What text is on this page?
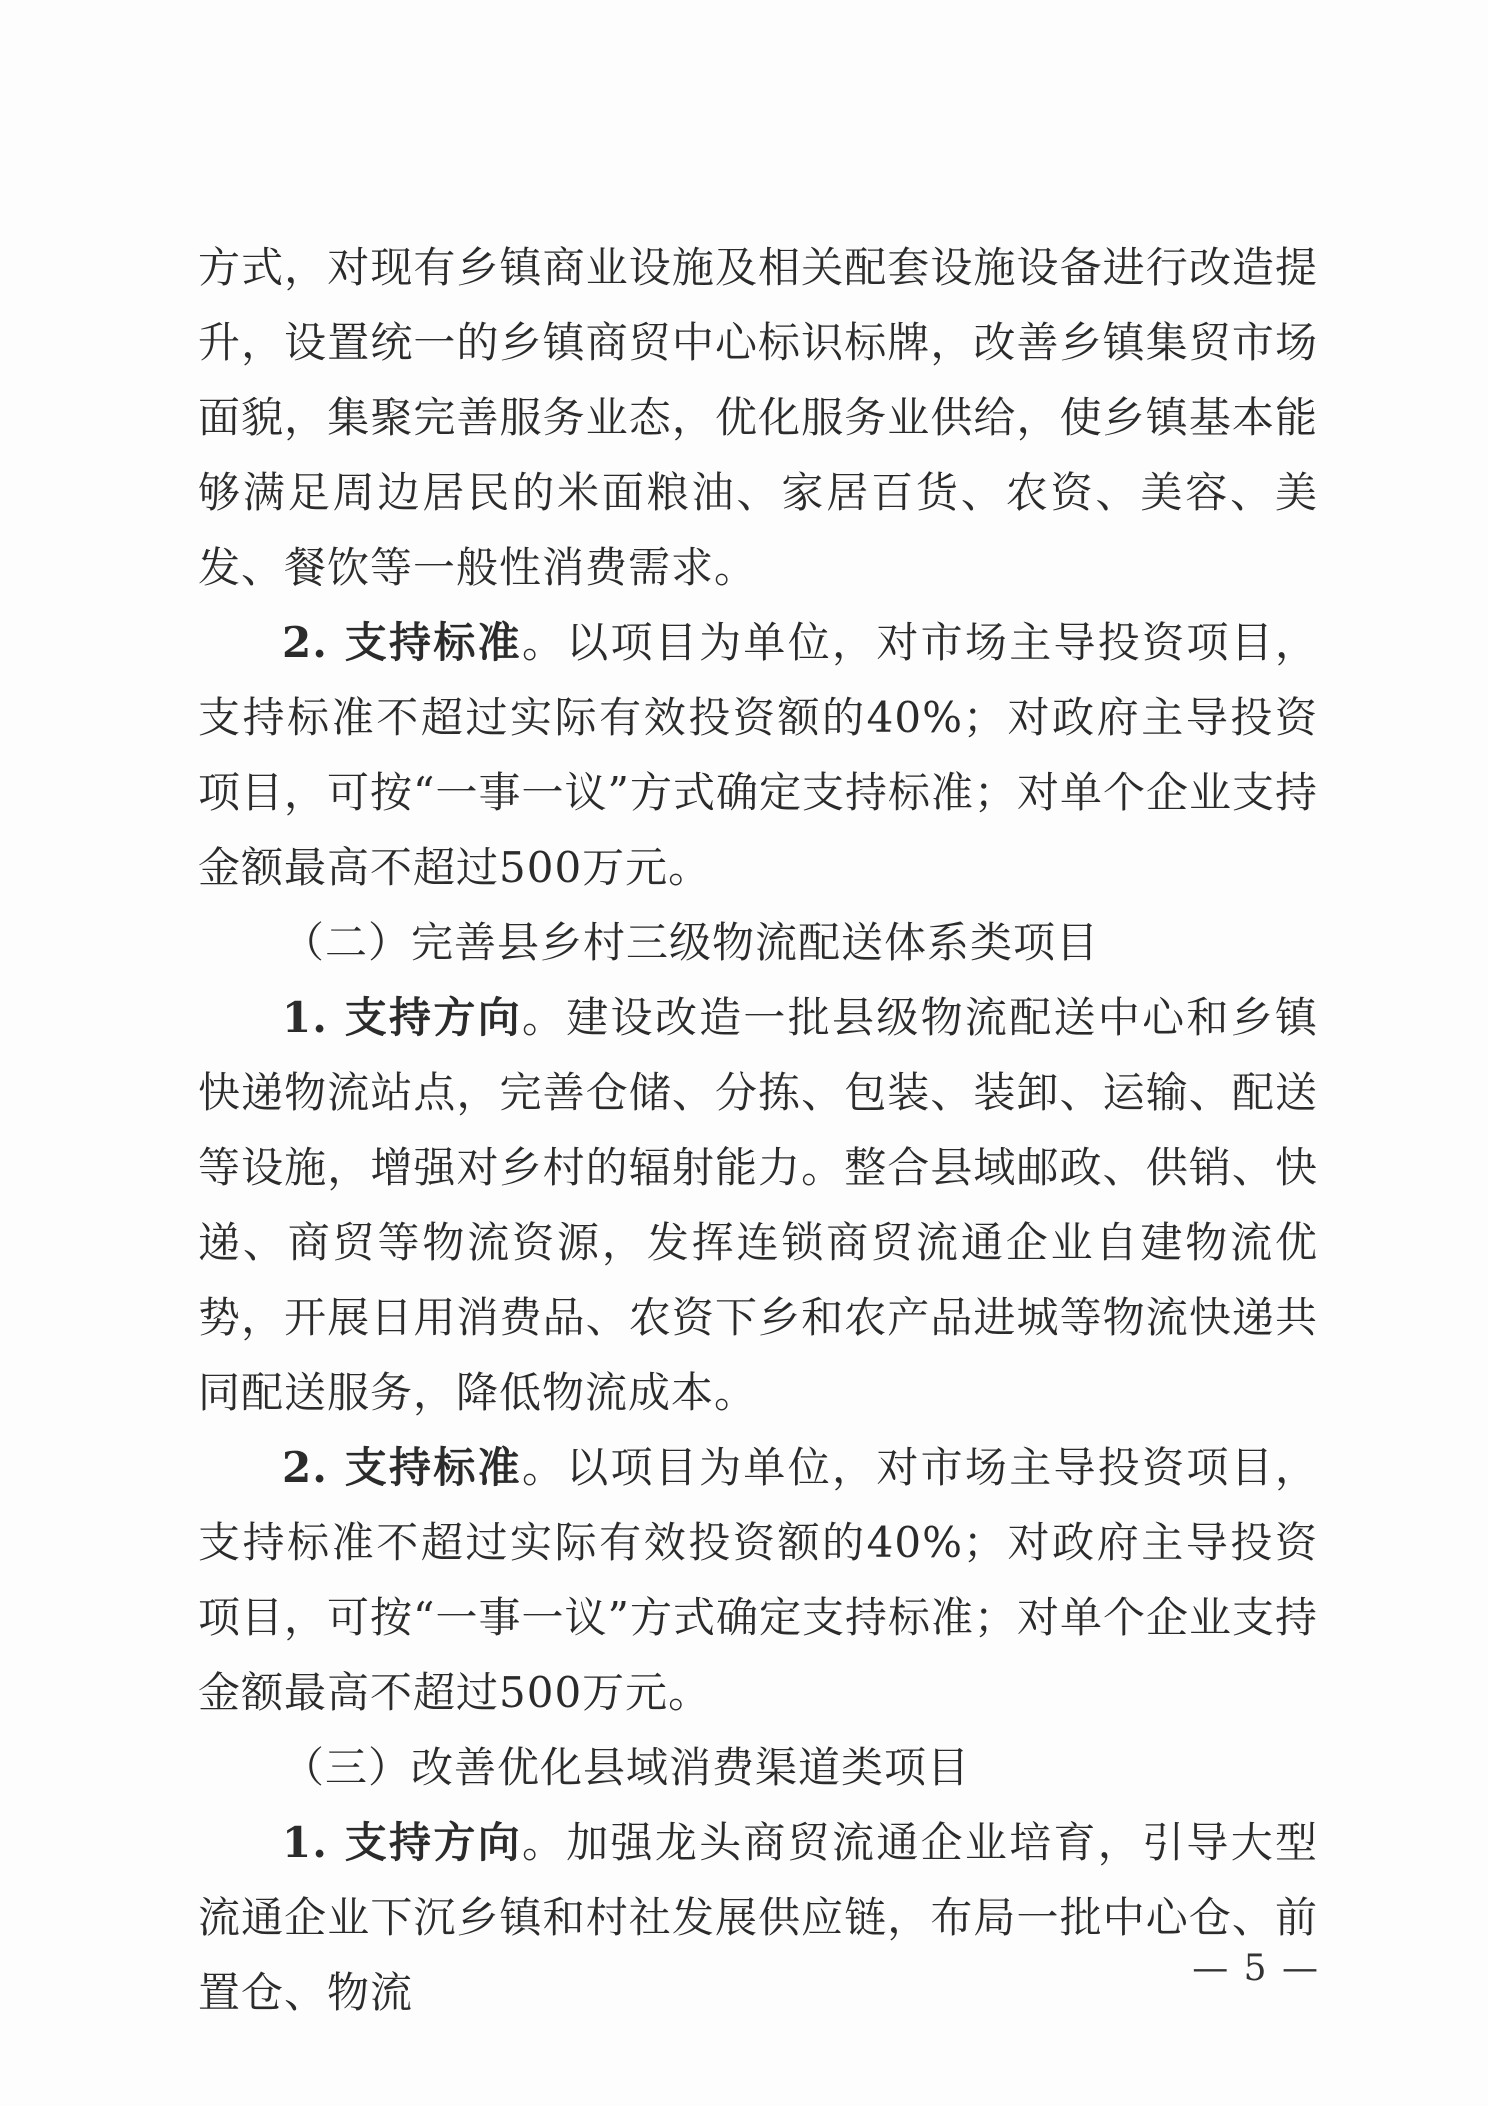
方式，对现有乡镇商业设施及相关配套设施设备进行改造提升，设置统一的乡镇商贸中心标识标牌，改善乡镇集贸市场面貌，集聚完善服务业态，优化服务业供给，使乡镇基本能够满足周边居民的米面粮油、家居百货、农资、美容、美发、餐饮等一般性消费需求。

2. 支持标准。以项目为单位，对市场主导投资项目，支持标准不超过实际有效投资额的40%；对政府主导投资项目，可按“一事一议”方式确定支持标准；对单个企业支持金额最高不超过500万元。

（二）完善县乡村三级物流配送体系类项目

1. 支持方向。建设改造一批县级物流配送中心和乡镇快递物流站点，完善仓储、分拣、包装、装卸、运输、配送等设施，增强对乡村的辐射能力。整合县域邮政、供销、快递、商贸等物流资源，发挥连锁商贸流通企业自建物流优势，开展日用消费品、农资下乡和农产品进城等物流快递共同配送服务，降低物流成本。

2. 支持标准。以项目为单位，对市场主导投资项目，支持标准不超过实际有效投资额的40%；对政府主导投资项目，可按“一事一议”方式确定支持标准；对单个企业支持金额最高不超过500万元。

（三）改善优化县域消费渠道类项目

1. 支持方向。加强龙头商贸流通企业培育，引导大型流通企业下沉乡镇和村社发展供应链，布局一批中心仓、前置仓、物流	— 5 —
